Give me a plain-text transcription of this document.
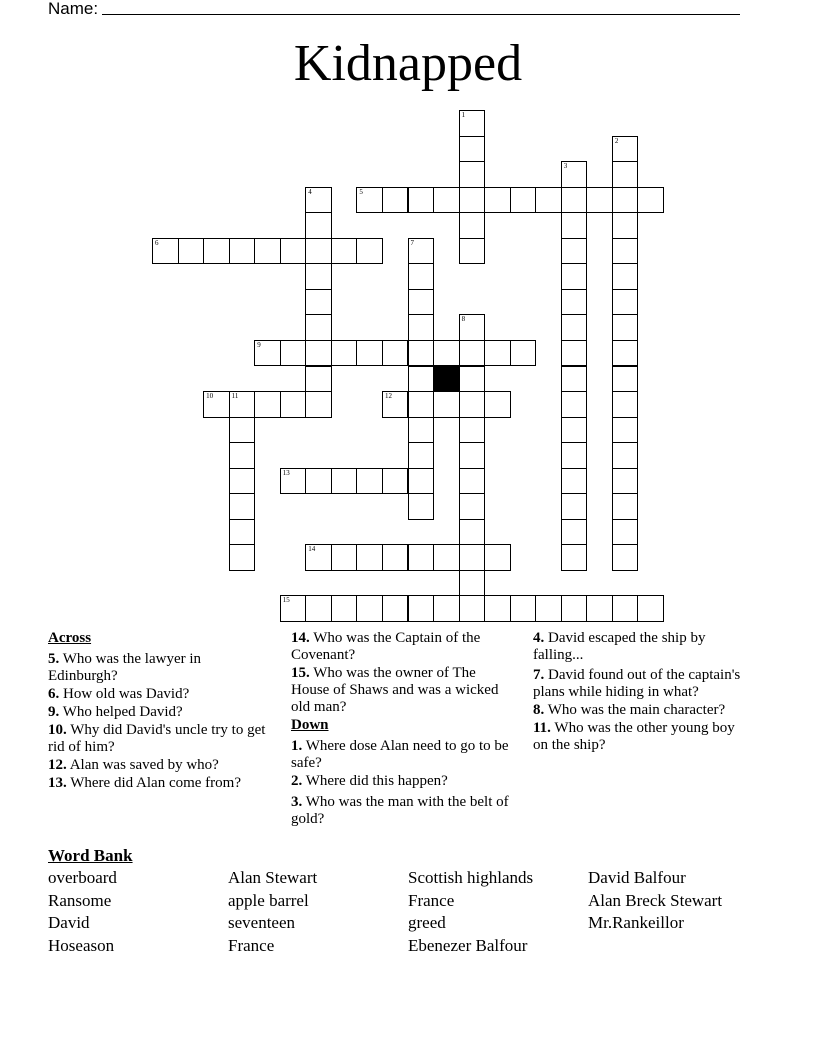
Name:
Kidnapped
1
2
3
4	5
6	7
8
9
10	11	12
13
14
15
Across
5. Who was the lawyer in Edinburgh?
6. How old was David?
9. Who helped David?
10. Why did David's uncle try to get rid of him?
12. Alan was saved by who?
13. Where did Alan come from?
14. Who was the Captain of the Covenant?
15. Who was the owner of The House of Shaws and was a wicked old man?
Down
1. Where dose Alan need to go to be safe?
2. Where did this happen?
3. Who was the man with the belt of gold?
4. David escaped the ship by falling...
7. David found out of the captain's plans while hiding in what?
8. Who was the main character?
11. Who was the other young boy on the ship?
Word Bank
overboard	Alan Stewart	Scottish highlands	David Balfour
Ransome	apple barrel	France	Alan Breck Stewart
David	seventeen	greed	Mr.Rankeillor
Hoseason	France	Ebenezer Balfour
